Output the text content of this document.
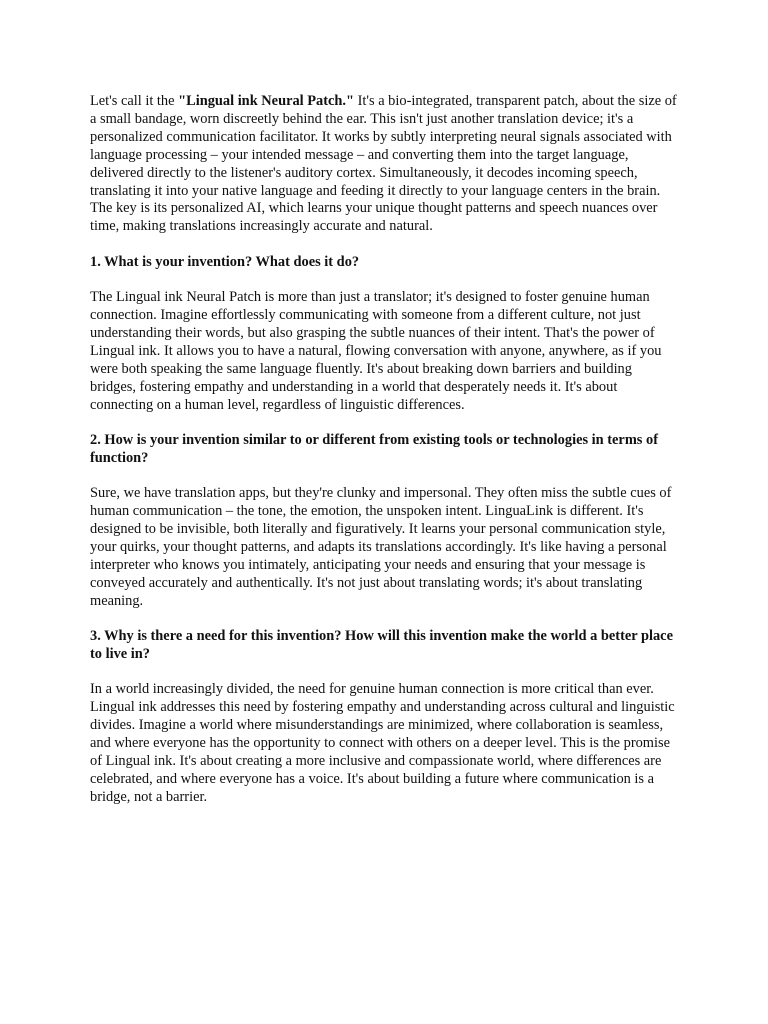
Let's call it the "Lingual ink Neural Patch." It's a bio-integrated, transparent patch, about the size of a small bandage, worn discreetly behind the ear. This isn't just another translation device; it's a personalized communication facilitator. It works by subtly interpreting neural signals associated with language processing – your intended message – and converting them into the target language, delivered directly to the listener's auditory cortex. Simultaneously, it decodes incoming speech, translating it into your native language and feeding it directly to your language centers in the brain. The key is its personalized AI, which learns your unique thought patterns and speech nuances over time, making translations increasingly accurate and natural.

1. What is your invention? What does it do?

The Lingual ink Neural Patch is more than just a translator; it's designed to foster genuine human connection. Imagine effortlessly communicating with someone from a different culture, not just understanding their words, but also grasping the subtle nuances of their intent. That's the power of Lingual ink. It allows you to have a natural, flowing conversation with anyone, anywhere, as if you were both speaking the same language fluently. It's about breaking down barriers and building bridges, fostering empathy and understanding in a world that desperately needs it. It's about connecting on a human level, regardless of linguistic differences.

2. How is your invention similar to or different from existing tools or technologies in terms of function?

Sure, we have translation apps, but they're clunky and impersonal. They often miss the subtle cues of human communication – the tone, the emotion, the unspoken intent. LinguaLink is different. It's designed to be invisible, both literally and figuratively. It learns your personal communication style, your quirks, your thought patterns, and adapts its translations accordingly. It's like having a personal interpreter who knows you intimately, anticipating your needs and ensuring that your message is conveyed accurately and authentically. It's not just about translating words; it's about translating meaning.

3. Why is there a need for this invention? How will this invention make the world a better place to live in?

In a world increasingly divided, the need for genuine human connection is more critical than ever. Lingual ink addresses this need by fostering empathy and understanding across cultural and linguistic divides. Imagine a world where misunderstandings are minimized, where collaboration is seamless, and where everyone has the opportunity to connect with others on a deeper level. This is the promise of Lingual ink. It's about creating a more inclusive and compassionate world, where differences are celebrated, and where everyone has a voice. It's about building a future where communication is a bridge, not a barrier.
